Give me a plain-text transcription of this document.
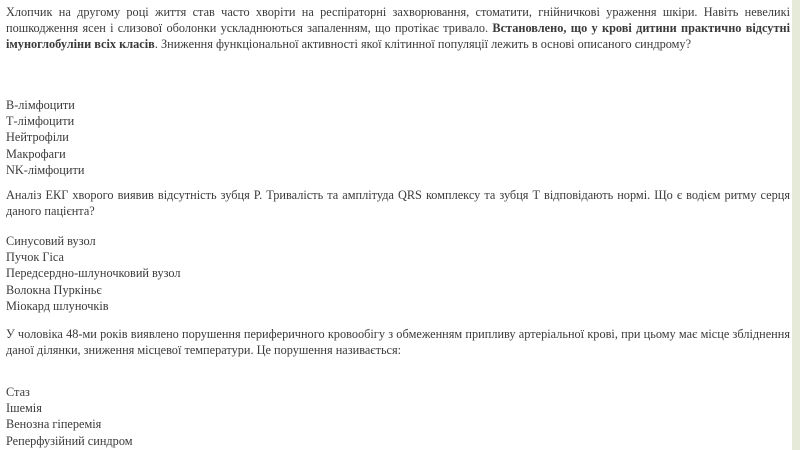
Хлопчик на другому році життя став часто хворіти на респіраторні захворювання, стоматити, гнійничкові ураження шкіри. Навіть невеликі пошкодження ясен і слизової оболонки ускладнюються запаленням, що протікає тривало. Встановлено, що у крові дитини практично відсутні імуноглобуліни всіх класів. Зниження функціональної активності якої клітинної популяції лежить в основі описаного синдрому?

В-лімфоцити
Т-лімфоцити
Нейтрофіли
Макрофаги
NK-лімфоцити

Аналіз ЕКГ хворого виявив відсутність зубця Р. Тривалість та амплітуда QRS комплексу та зубця Т відповідають нормі. Що є водієм ритму серця даного пацієнта?

Синусовий вузол
Пучок Гіса
Передсердно-шлуночковий вузол
Волокна Пуркіньє
Міокард шлуночків

У чоловіка 48-ми років виявлено порушення периферичного кровообігу з обмеженням припливу артеріальної крові, при цьому має місце збліднення даної ділянки, зниження місцевої температури. Це порушення називається:

Стаз
Ішемія
Венозна гіперемія
Реперфузійний синдром
